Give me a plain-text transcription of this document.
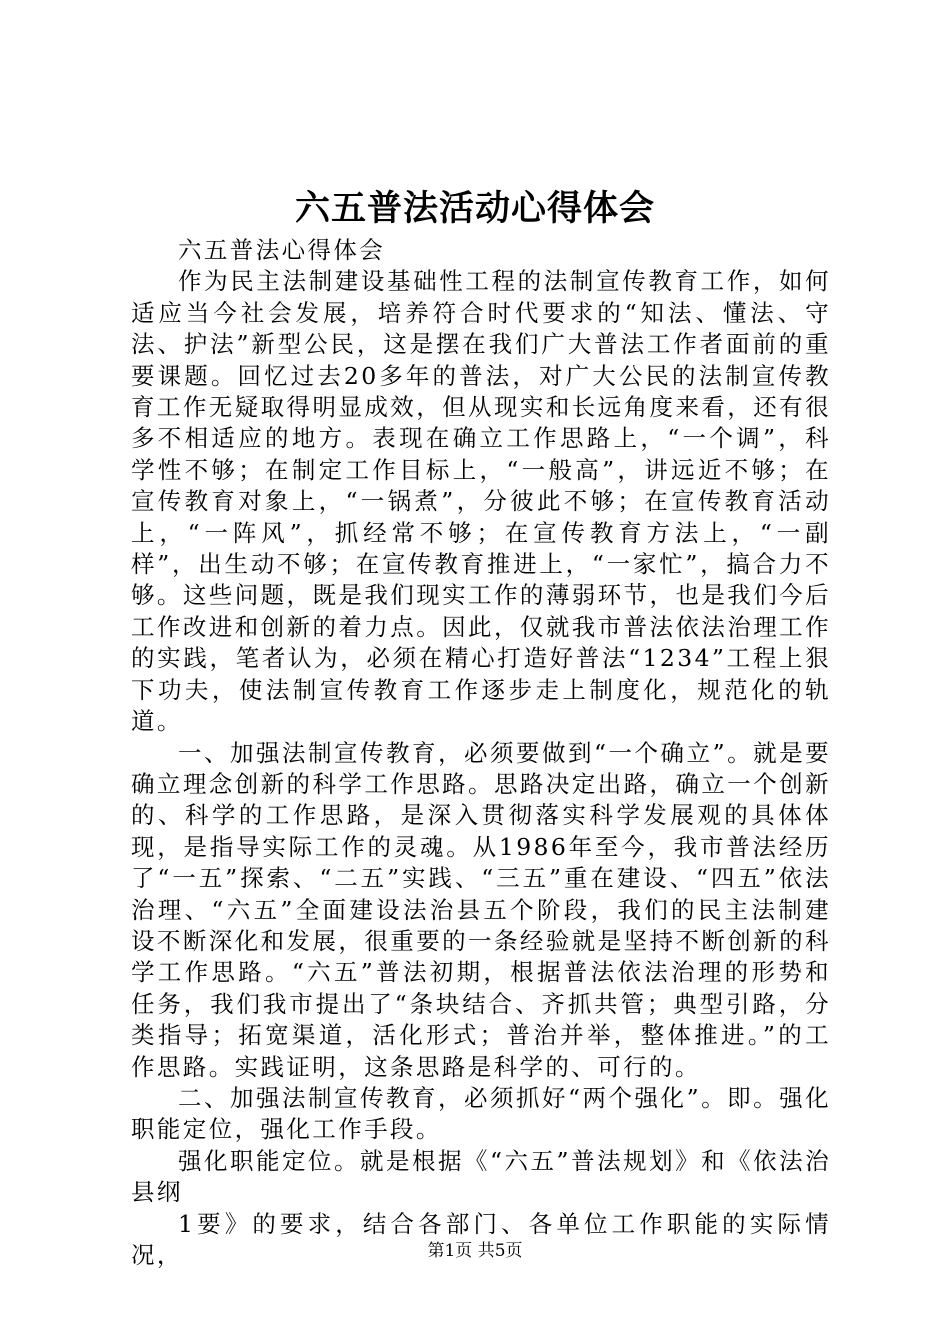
六五普法活动心得体会

六五普法心得体会

作为民主法制建设基础性工程的法制宣传教育工作，如何适应当今社会发展，培养符合时代要求的“知法、懂法、守法、护法”新型公民，这是摆在我们广大普法工作者面前的重要课题。回忆过去20多年的普法，对广大公民的法制宣传教育工作无疑取得明显成效，但从现实和长远角度来看，还有很多不相适应的地方。表现在确立工作思路上，“一个调”，科学性不够；在制定工作目标上，“一般高”，讲远近不够；在宣传教育对象上，“一锅煮”，分彼此不够；在宣传教育活动上，“一阵风”，抓经常不够；在宣传教育方法上，“一副样”，出生动不够；在宣传教育推进上，“一家忙”，搞合力不够。这些问题，既是我们现实工作的薄弱环节，也是我们今后工作改进和创新的着力点。因此，仅就我市普法依法治理工作的实践，笔者认为，必须在精心打造好普法“1234”工程上狠下功夫，使法制宣传教育工作逐步走上制度化，规范化的轨道。

一、加强法制宣传教育，必须要做到“一个确立”。就是要确立理念创新的科学工作思路。思路决定出路，确立一个创新的、科学的工作思路，是深入贯彻落实科学发展观的具体体现，是指导实际工作的灵魂。从1986年至今，我市普法经历了“一五”探索、“二五”实践、“三五”重在建设、“四五”依法治理、“六五”全面建设法治县五个阶段，我们的民主法制建设不断深化和发展，很重要的一条经验就是坚持不断创新的科学工作思路。“六五”普法初期，根据普法依法治理的形势和任务，我们我市提出了“条块结合、齐抓共管；典型引路，分类指导；拓宽渠道，活化形式；普治并举，整体推进。”的工作思路。实践证明，这条思路是科学的、可行的。

二、加强法制宣传教育，必须抓好“两个强化”。即。强化职能定位，强化工作手段。

强化职能定位。就是根据《“六五”普法规划》和《依法治县纲

1要》的要求，结合各部门、各单位工作职能的实际情况，	第1页 共5页
